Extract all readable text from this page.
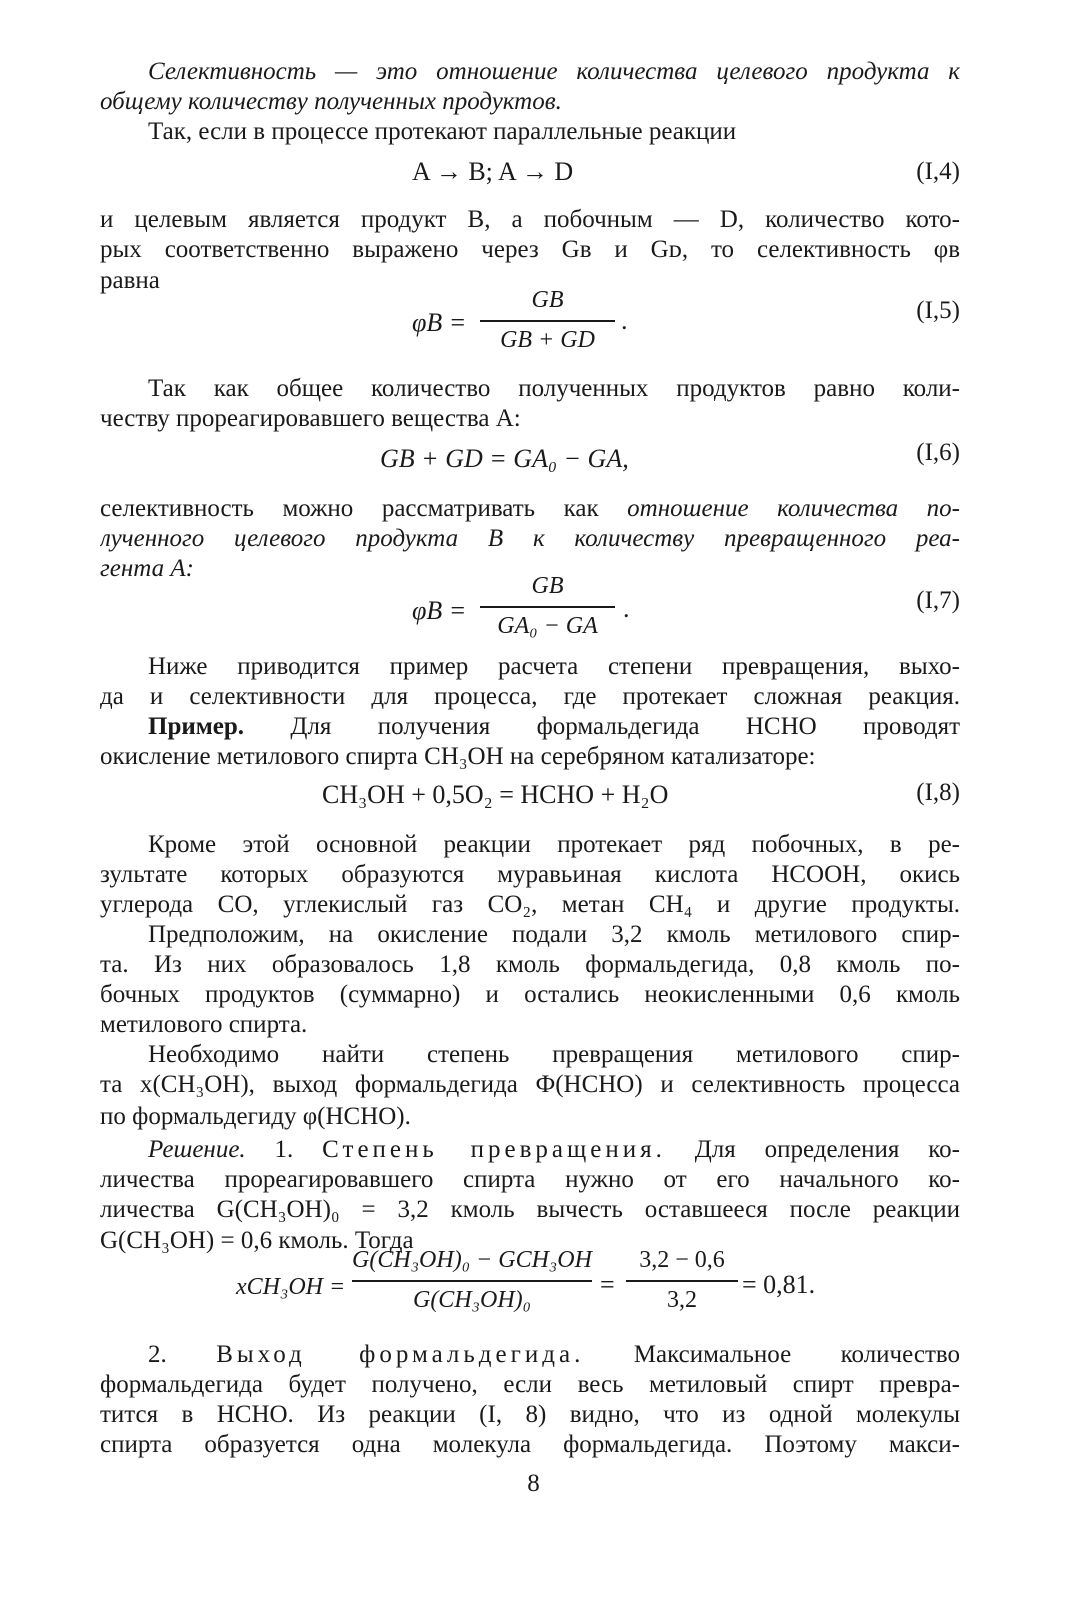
Селективность — это отношение количества целевого продукта к
общему количеству полученных продуктов.
Так, если в процессе протекают параллельные реакции
A → B; A → D	(I,4)
и целевым является продукт B, а побочным — D, количество кото-
рых соответственно выражено через Gв и Gᴅ, то селективность φв
равна
φB =
GB
GB + GD
.	(I,5)
Так как общее количество полученных продуктов равно коли-
честву прореагировавшего вещества A:
GB + GD = GA₀ − GA,	(I,6)
селективность можно рассматривать как отношение количества по-
лученного целевого продукта B к количеству превращенного реа-
гента A:
φB =
GB
GA₀ − GA
.	(I,7)
Ниже приводится пример расчета степени превращения, выхо-
да и селективности для процесса, где протекает сложная реакция.
Пример. Для получения формальдегида HCHO проводят
окисление метилового спирта CH₃OH на серебряном катализаторе:
CH₃OH + 0,5O₂ = HCHO + H₂O	(I,8)
Кроме этой основной реакции протекает ряд побочных, в ре-
зультате которых образуются муравьиная кислота HCOOH, окись
углерода CO, углекислый газ CO₂, метан CH₄ и другие продукты.
Предположим, на окисление подали 3,2 кмоль метилового спир-
та. Из них образовалось 1,8 кмоль формальдегида, 0,8 кмоль по-
бочных продуктов (суммарно) и остались неокисленными 0,6 кмоль
метилового спирта.
Необходимо найти степень превращения метилового спир-
та x(CH₃OH), выход формальдегида Ф(HCHO) и селективность процесса
по формальдегиду φ(HCHO).
Решение. 1. Степень превращения. Для определения ко-
личества прореагировавшего спирта нужно от его начального ко-
личества G(CH₃OH)₀ = 3,2 кмоль вычесть оставшееся после реакции
G(CH₃OH) = 0,6 кмоль. Тогда
xCH₃OH =
G(CH₃OH)₀ − GCH₃OH
G(CH₃OH)₀
=
3,2 − 0,6
3,2
= 0,81.
2. Выход формальдегида. Максимальное количество
формальдегида будет получено, если весь метиловый спирт превра-
тится в HCHO. Из реакции (I, 8) видно, что из одной молекулы
спирта образуется одна молекула формальдегида. Поэтому макси-
8
